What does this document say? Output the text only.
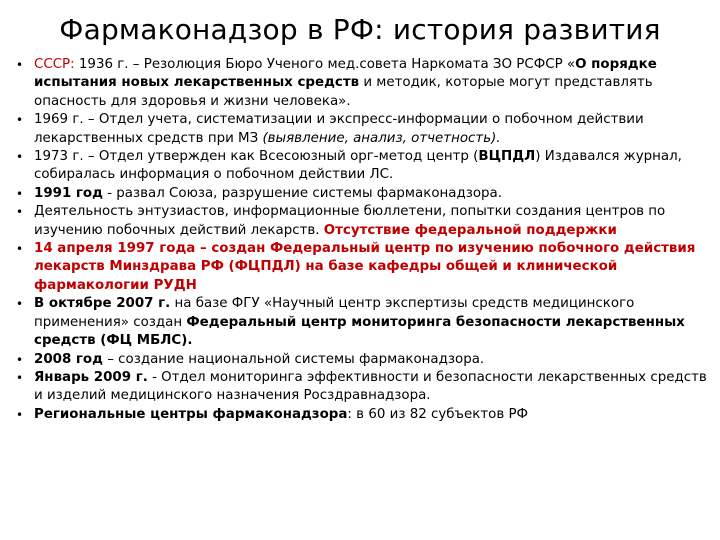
Фармаконадзор в РФ: история развития
• СССР: 1936 г. – Резолюция Бюро Ученого мед.совета Наркомата ЗО РСФСР «О порядке испытания новых лекарственных средств и методик, которые могут представлять опасность для здоровья и жизни человека».
• 1969 г. – Отдел учета, систематизации и экспресс-информации о побочном действии лекарственных средств при МЗ (выявление, анализ, отчетность).
• 1973 г. – Отдел утвержден как Всесоюзный орг-метод центр (ВЦПДЛ) Издавался журнал, собиралась информация о побочном действии ЛС.
• 1991 год - развал Союза, разрушение системы фармаконадзора.
• Деятельность энтузиастов, информационные бюллетени, попытки создания центров по изучению побочных действий лекарств. Отсутствие федеральной поддержки
• 14 апреля 1997 года – создан Федеральный центр по изучению побочного действия лекарств Минздрава РФ (ФЦПДЛ) на базе кафедры общей и клинической фармакологии РУДН
• В октябре 2007 г. на базе ФГУ «Научный центр экспертизы средств медицинского применения» создан Федеральный центр мониторинга безопасности лекарственных средств (ФЦ МБЛС).
• 2008 год – создание национальной системы фармаконадзора.
• Январь 2009 г. - Отдел мониторинга эффективности и безопасности лекарственных средств и изделий медицинского назначения Росздравнадзора.
• Региональные центры фармаконадзора: в 60 из 82 субъектов РФ
